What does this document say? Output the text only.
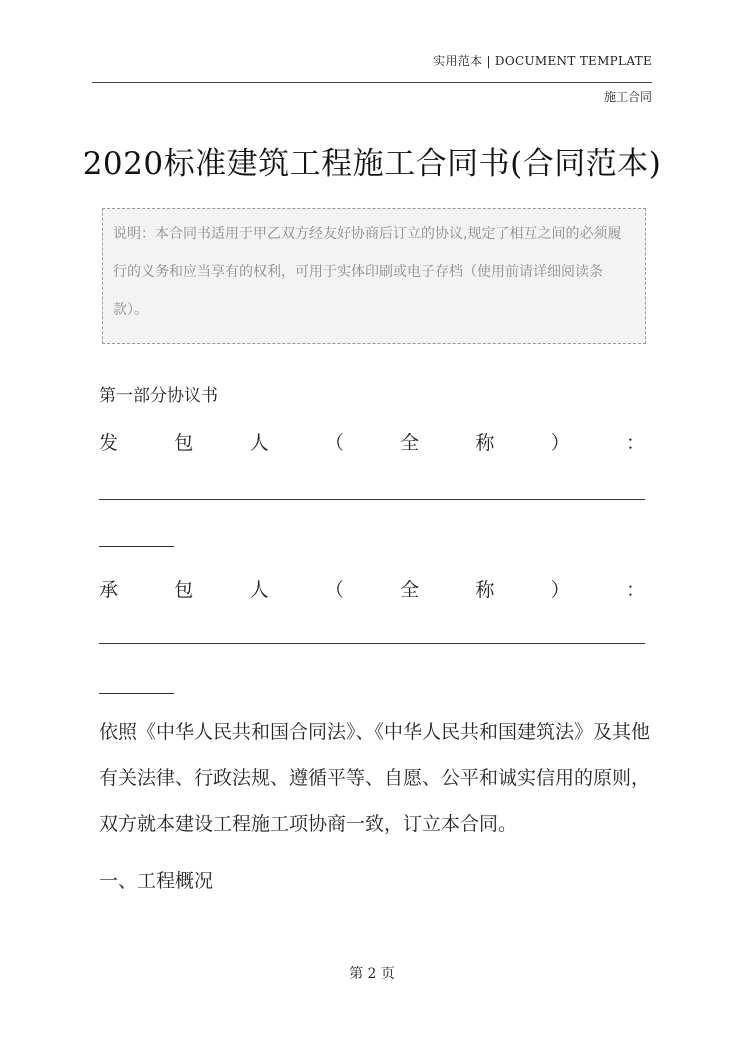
实用范本 | DOCUMENT TEMPLATE
施工合同
2020标准建筑工程施工合同书(合同范本)
说明：本合同书适用于甲乙双方经友好协商后订立的协议,规定了相互之间的必须履行的义务和应当享有的权利，可用于实体印刷或电子存档（使用前请详细阅读条款）。
第一部分协议书
发	包	人	（	全	称	）	：
承	包	人	（	全	称	）	：
依照《中华人民共和国合同法》、《中华人民共和国建筑法》及其他
有关法律、行政法规、遵循平等、自愿、公平和诚实信用的原则，
双方就本建设工程施工项协商一致，订立本合同。
一、工程概况
第 2 页
